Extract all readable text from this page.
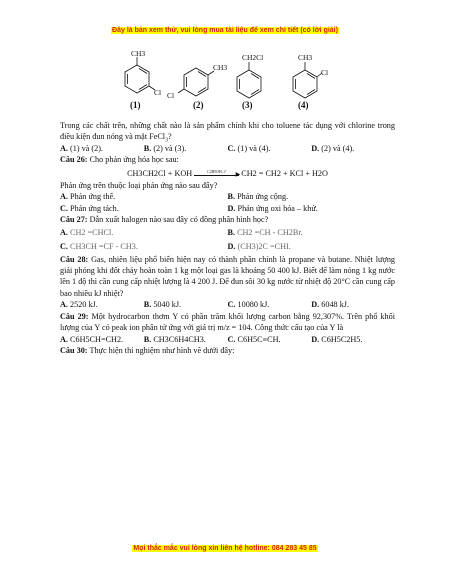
Đây là bản xem thử, vui lòng mua tài liệu để xem chi tiết (có lời giải)
CH3
Cl Cl
CH3
CH2Cl	CH3
Cl
(1)	(2)	(3)	(4)

Trong các chất trên, những chất nào là sản phẩm chính khi cho toluene tác dụng với chlorine trong điều kiện đun nóng và mặt FeCl$_3$?

A. (1) và (2).	B. (2) và (3).	C. (1) và (4).	D. (2) và (4).

Câu 26: Cho phản ứng hóa học sau:

CH3CH2Cl + KOH	C2H5OH, t°	▶ CH2 = CH2 + KCl + H2O

Phản ứng trên thuộc loại phản ứng nào sau đây?

A. Phản ứng thế.	B. Phản ứng cộng.
C. Phản ứng tách.	D. Phản ứng oxi hóa – khử.

Câu 27: Dẫn xuất halogen nào sau đây có đồng phân hình học?

A. CH2 =CHCl.	B. CH2 =CH - CH2Br.
C. CH3CH =CF - CH3.	D. (CH3)2C =CHI.

Câu 28: Gas, nhiên liệu phổ biến hiện nay có thành phần chính là propane và butane. Nhiệt lượng giải phóng khi đốt cháy hoàn toàn 1 kg một loại gas là khoảng 50 400 kJ. Biết để làm nóng 1 kg nước lên 1 độ thì cần cung cấp nhiệt lượng là 4 200 J. Để đun sôi 30 kg nước từ nhiệt độ 20°C cần cung cấp bao nhiêu kJ nhiệt?

A. 2520 kJ.	B. 5040 kJ.	C. 10080 kJ.	D. 6048 kJ.

Câu 29: Một hydrocarbon thơm Y có phần trăm khối lượng carbon bằng 92,307%. Trên phổ khối lượng của Y có peak ion phân tử ứng với giá trị m/z = 104. Công thức cấu tạo của Y là

A. C6H5CH=CH2.	B. CH3C6H4CH3.	C. C6H5C≡CH.	D. C6H5C2H5.

Câu 30: Thực hiện thí nghiệm như hình vẽ dưới đây:

Mọi thắc mắc vui lòng xin liên hệ hotline: 084 283 45 85
